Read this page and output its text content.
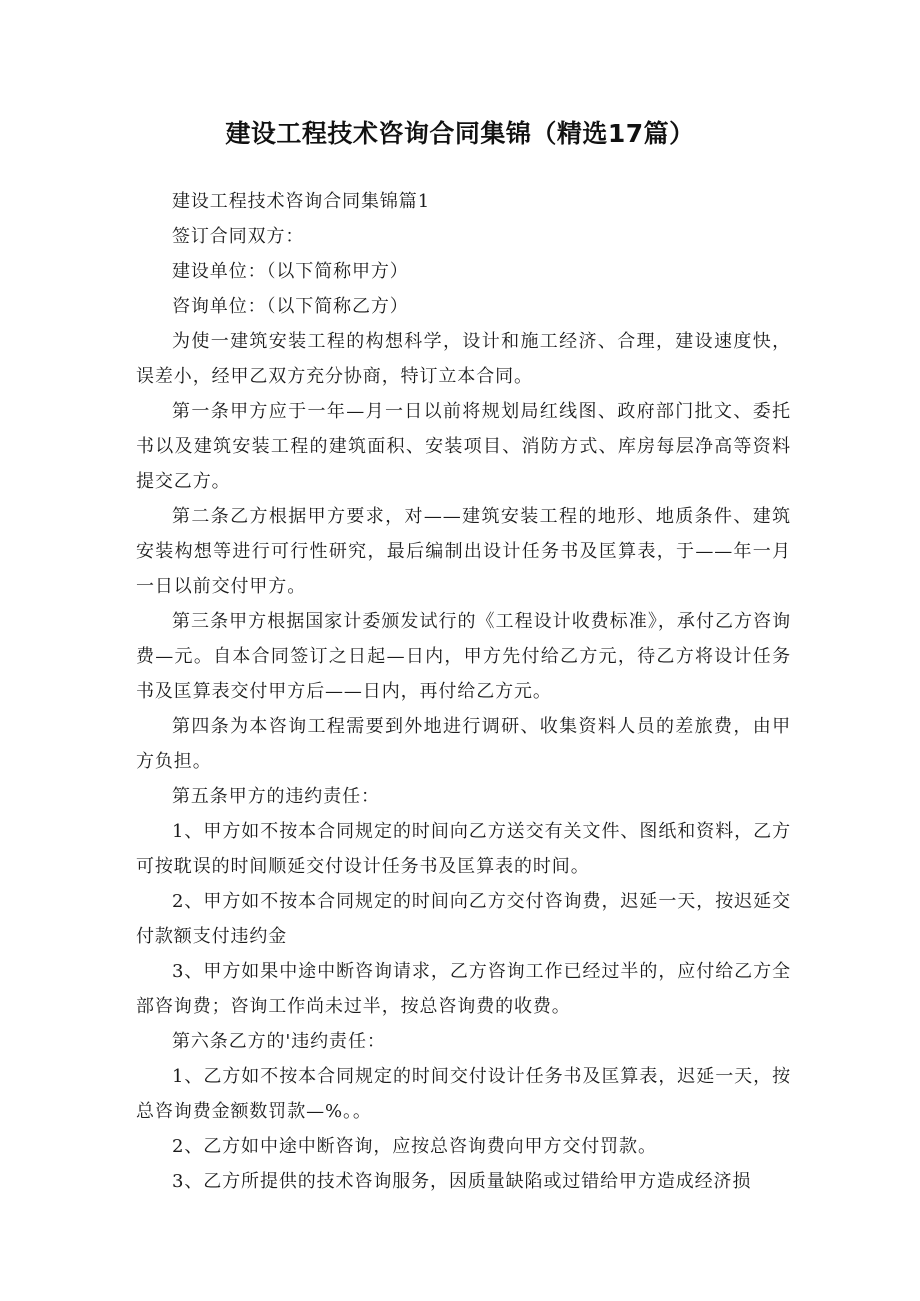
建设工程技术咨询合同集锦（精选17篇）

建设工程技术咨询合同集锦篇1

签订合同双方：

建设单位：（以下简称甲方）

咨询单位：（以下简称乙方）

为使一建筑安装工程的构想科学，设计和施工经济、合理，建设速度快，误差小，经甲乙双方充分协商，特订立本合同。

第一条甲方应于一年—月一日以前将规划局红线图、政府部门批文、委托书以及建筑安装工程的建筑面积、安装项目、消防方式、库房每层净高等资料提交乙方。

第二条乙方根据甲方要求，对——建筑安装工程的地形、地质条件、建筑安装构想等进行可行性研究，最后编制出设计任务书及匡算表，于——年一月一日以前交付甲方。

第三条甲方根据国家计委颁发试行的《工程设计收费标准》，承付乙方咨询费—元。自本合同签订之日起—日内，甲方先付给乙方元，待乙方将设计任务书及匡算表交付甲方后——日内，再付给乙方元。

第四条为本咨询工程需要到外地进行调研、收集资料人员的差旅费，由甲方负担。

第五条甲方的违约责任：

1、甲方如不按本合同规定的时间向乙方送交有关文件、图纸和资料，乙方可按耽误的时间顺延交付设计任务书及匡算表的时间。

2、甲方如不按本合同规定的时间向乙方交付咨询费，迟延一天，按迟延交付款额支付违约金

3、甲方如果中途中断咨询请求，乙方咨询工作已经过半的，应付给乙方全部咨询费；咨询工作尚未过半，按总咨询费的收费。

第六条乙方的'违约责任：

1、乙方如不按本合同规定的时间交付设计任务书及匡算表，迟延一天，按总咨询费金额数罚款—%。。

2、乙方如中途中断咨询，应按总咨询费向甲方交付罚款。

3、乙方所提供的技术咨询服务，因质量缺陷或过错给甲方造成经济损
